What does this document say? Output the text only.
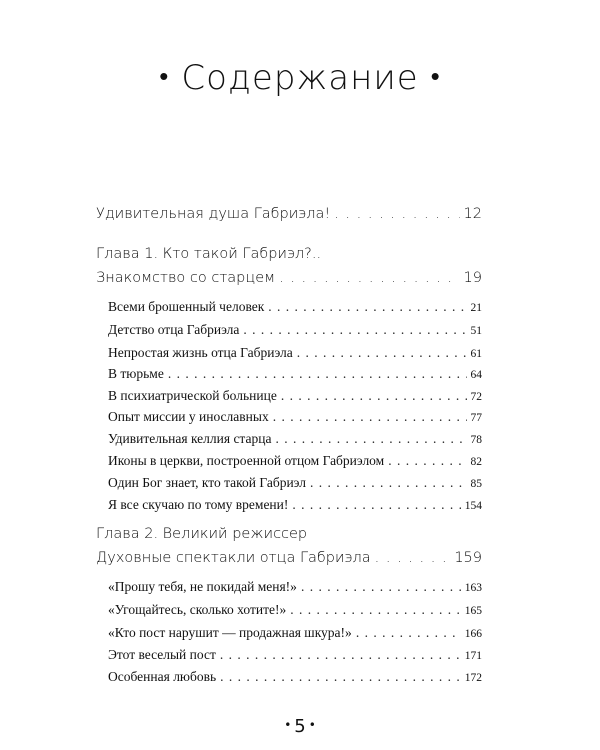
• Содержание •
Удивительная душа Габриэла! . . .	12
Глава 1. Кто такой Габриэл?..
Знакомство со старцем . . .	19
Всеми брошенный человек . . .	21
Детство отца Габриэла . . .	51
Непростая жизнь отца Габриэла . . .	61
В тюрьме . . .	64
В психиатрической больнице . . .	72
Опыт миссии у инославных . . .	77
Удивительная келлия старца . . .	78
Иконы в церкви, построенной отцом Габриэлом . . .	82
Один Бог знает, кто такой Габриэл . . .	85
Я все скучаю по тому времени! . . .	154
Глава 2. Великий режиссер
Духовные спектакли отца Габриэла . . .	159
«Прошу тебя, не покидай меня!» . . .	163
«Угощайтесь, сколько хотите!» . . .	165
«Кто пост нарушит — продажная шкура!» . . .	166
Этот веселый пост . . .	171
Особенная любовь . . .	172
• 5 •
